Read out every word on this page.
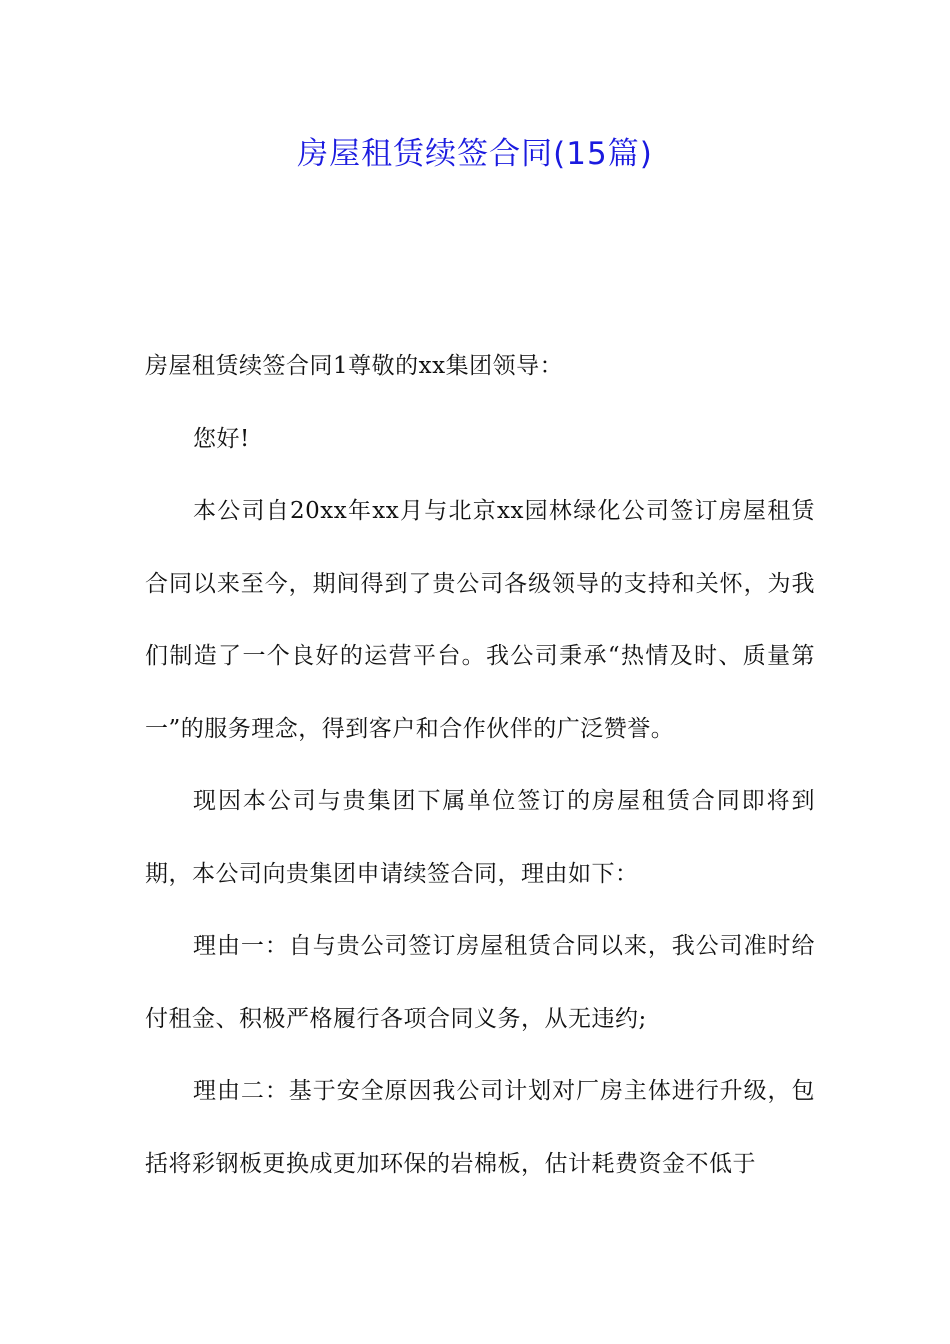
房屋租赁续签合同(15篇)

房屋租赁续签合同1尊敬的xx集团领导：

您好!

本公司自20xx年xx月与北京xx园林绿化公司签订房屋租赁合同以来至今，期间得到了贵公司各级领导的支持和关怀，为我们制造了一个良好的运营平台。我公司秉承“热情及时、质量第一”的服务理念，得到客户和合作伙伴的广泛赞誉。

现因本公司与贵集团下属单位签订的房屋租赁合同即将到期，本公司向贵集团申请续签合同，理由如下：

理由一：自与贵公司签订房屋租赁合同以来，我公司准时给付租金、积极严格履行各项合同义务，从无违约;

理由二：基于安全原因我公司计划对厂房主体进行升级，包括将彩钢板更换成更加环保的岩棉板，估计耗费资金不低于
